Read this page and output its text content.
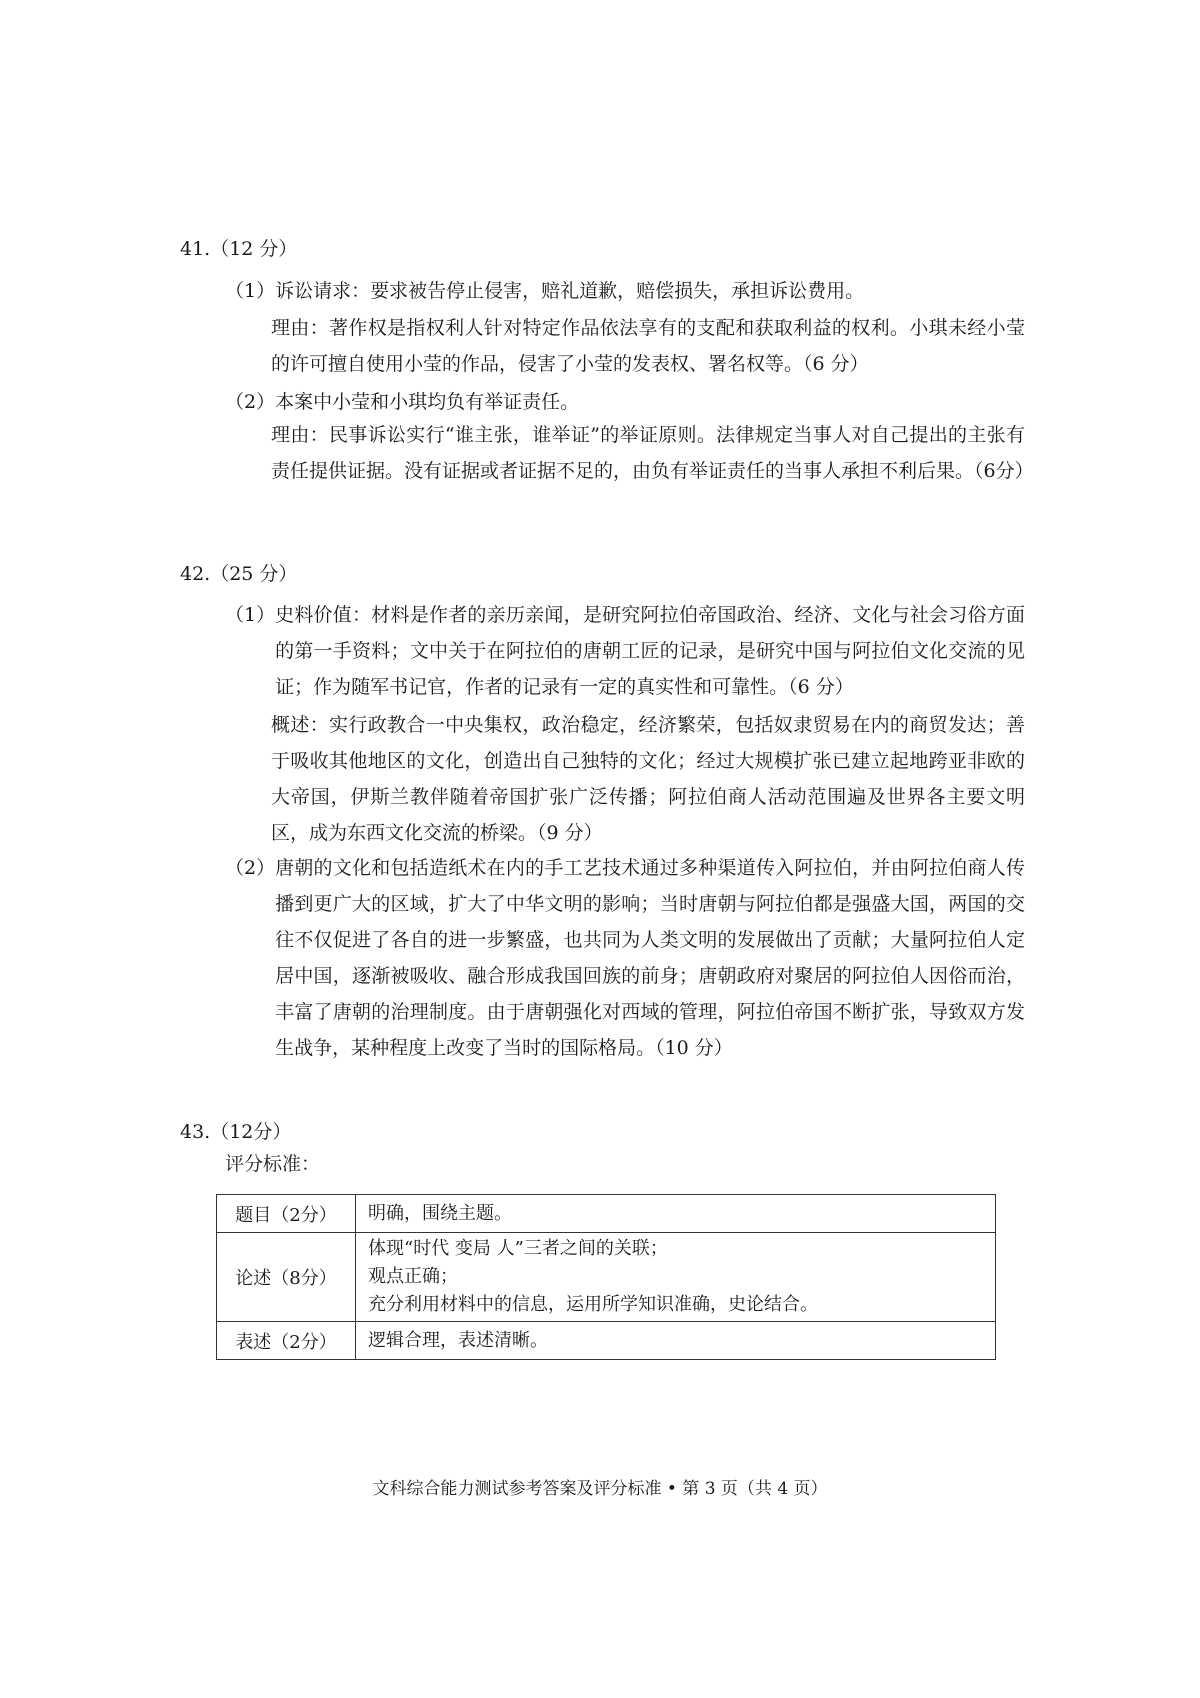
41.（12 分）
（1） 诉讼请求：要求被告停止侵害，赔礼道歉，赔偿损失，承担诉讼费用。
理由：著作权是指权利人针对特定作品依法享有的支配和获取利益的权利。小琪未经小莹的许可擅自使用小莹的作品，侵害了小莹的发表权、署名权等。（6 分）
（2） 本案中小莹和小琪均负有举证责任。
理由：民事诉讼实行“谁主张，谁举证”的举证原则。法律规定当事人对自己提出的主张有责任提供证据。没有证据或者证据不足的，由负有举证责任的当事人承担不利后果。（6分）
42.（25 分）
（1） 史料价值：材料是作者的亲历亲闻，是研究阿拉伯帝国政治、经济、文化与社会习俗方面的第一手资料；文中关于在阿拉伯的唐朝工匠的记录，是研究中国与阿拉伯文化交流的见证；作为随军书记官，作者的记录有一定的真实性和可靠性。（6 分）
概述：实行政教合一中央集权，政治稳定，经济繁荣，包括奴隶贸易在内的商贸发达；善于吸收其他地区的文化，创造出自己独特的文化；经过大规模扩张已建立起地跨亚非欧的大帝国，伊斯兰教伴随着帝国扩张广泛传播；阿拉伯商人活动范围遍及世界各主要文明区，成为东西文化交流的桥梁。（9 分）
（2） 唐朝的文化和包括造纸术在内的手工艺技术通过多种渠道传入阿拉伯，并由阿拉伯商人传播到更广大的区域，扩大了中华文明的影响；当时唐朝与阿拉伯都是强盛大国，两国的交往不仅促进了各自的进一步繁盛，也共同为人类文明的发展做出了贡献；大量阿拉伯人定居中国，逐渐被吸收、融合形成我国回族的前身；唐朝政府对聚居的阿拉伯人因俗而治，丰富了唐朝的治理制度。由于唐朝强化对西域的管理，阿拉伯帝国不断扩张，导致双方发生战争，某种程度上改变了当时的国际格局。（10 分）
43.（12分）
评分标准：
题目（2分）	明确，围绕主题。

论述（8分）	体现“时代 变局 人”三者之间的关联；
观点正确；
充分利用材料中的信息，运用所学知识准确，史论结合。

表述（2分）	逻辑合理，表述清晰。
文科综合能力测试参考答案及评分标准 • 第 3 页（共 4 页）
